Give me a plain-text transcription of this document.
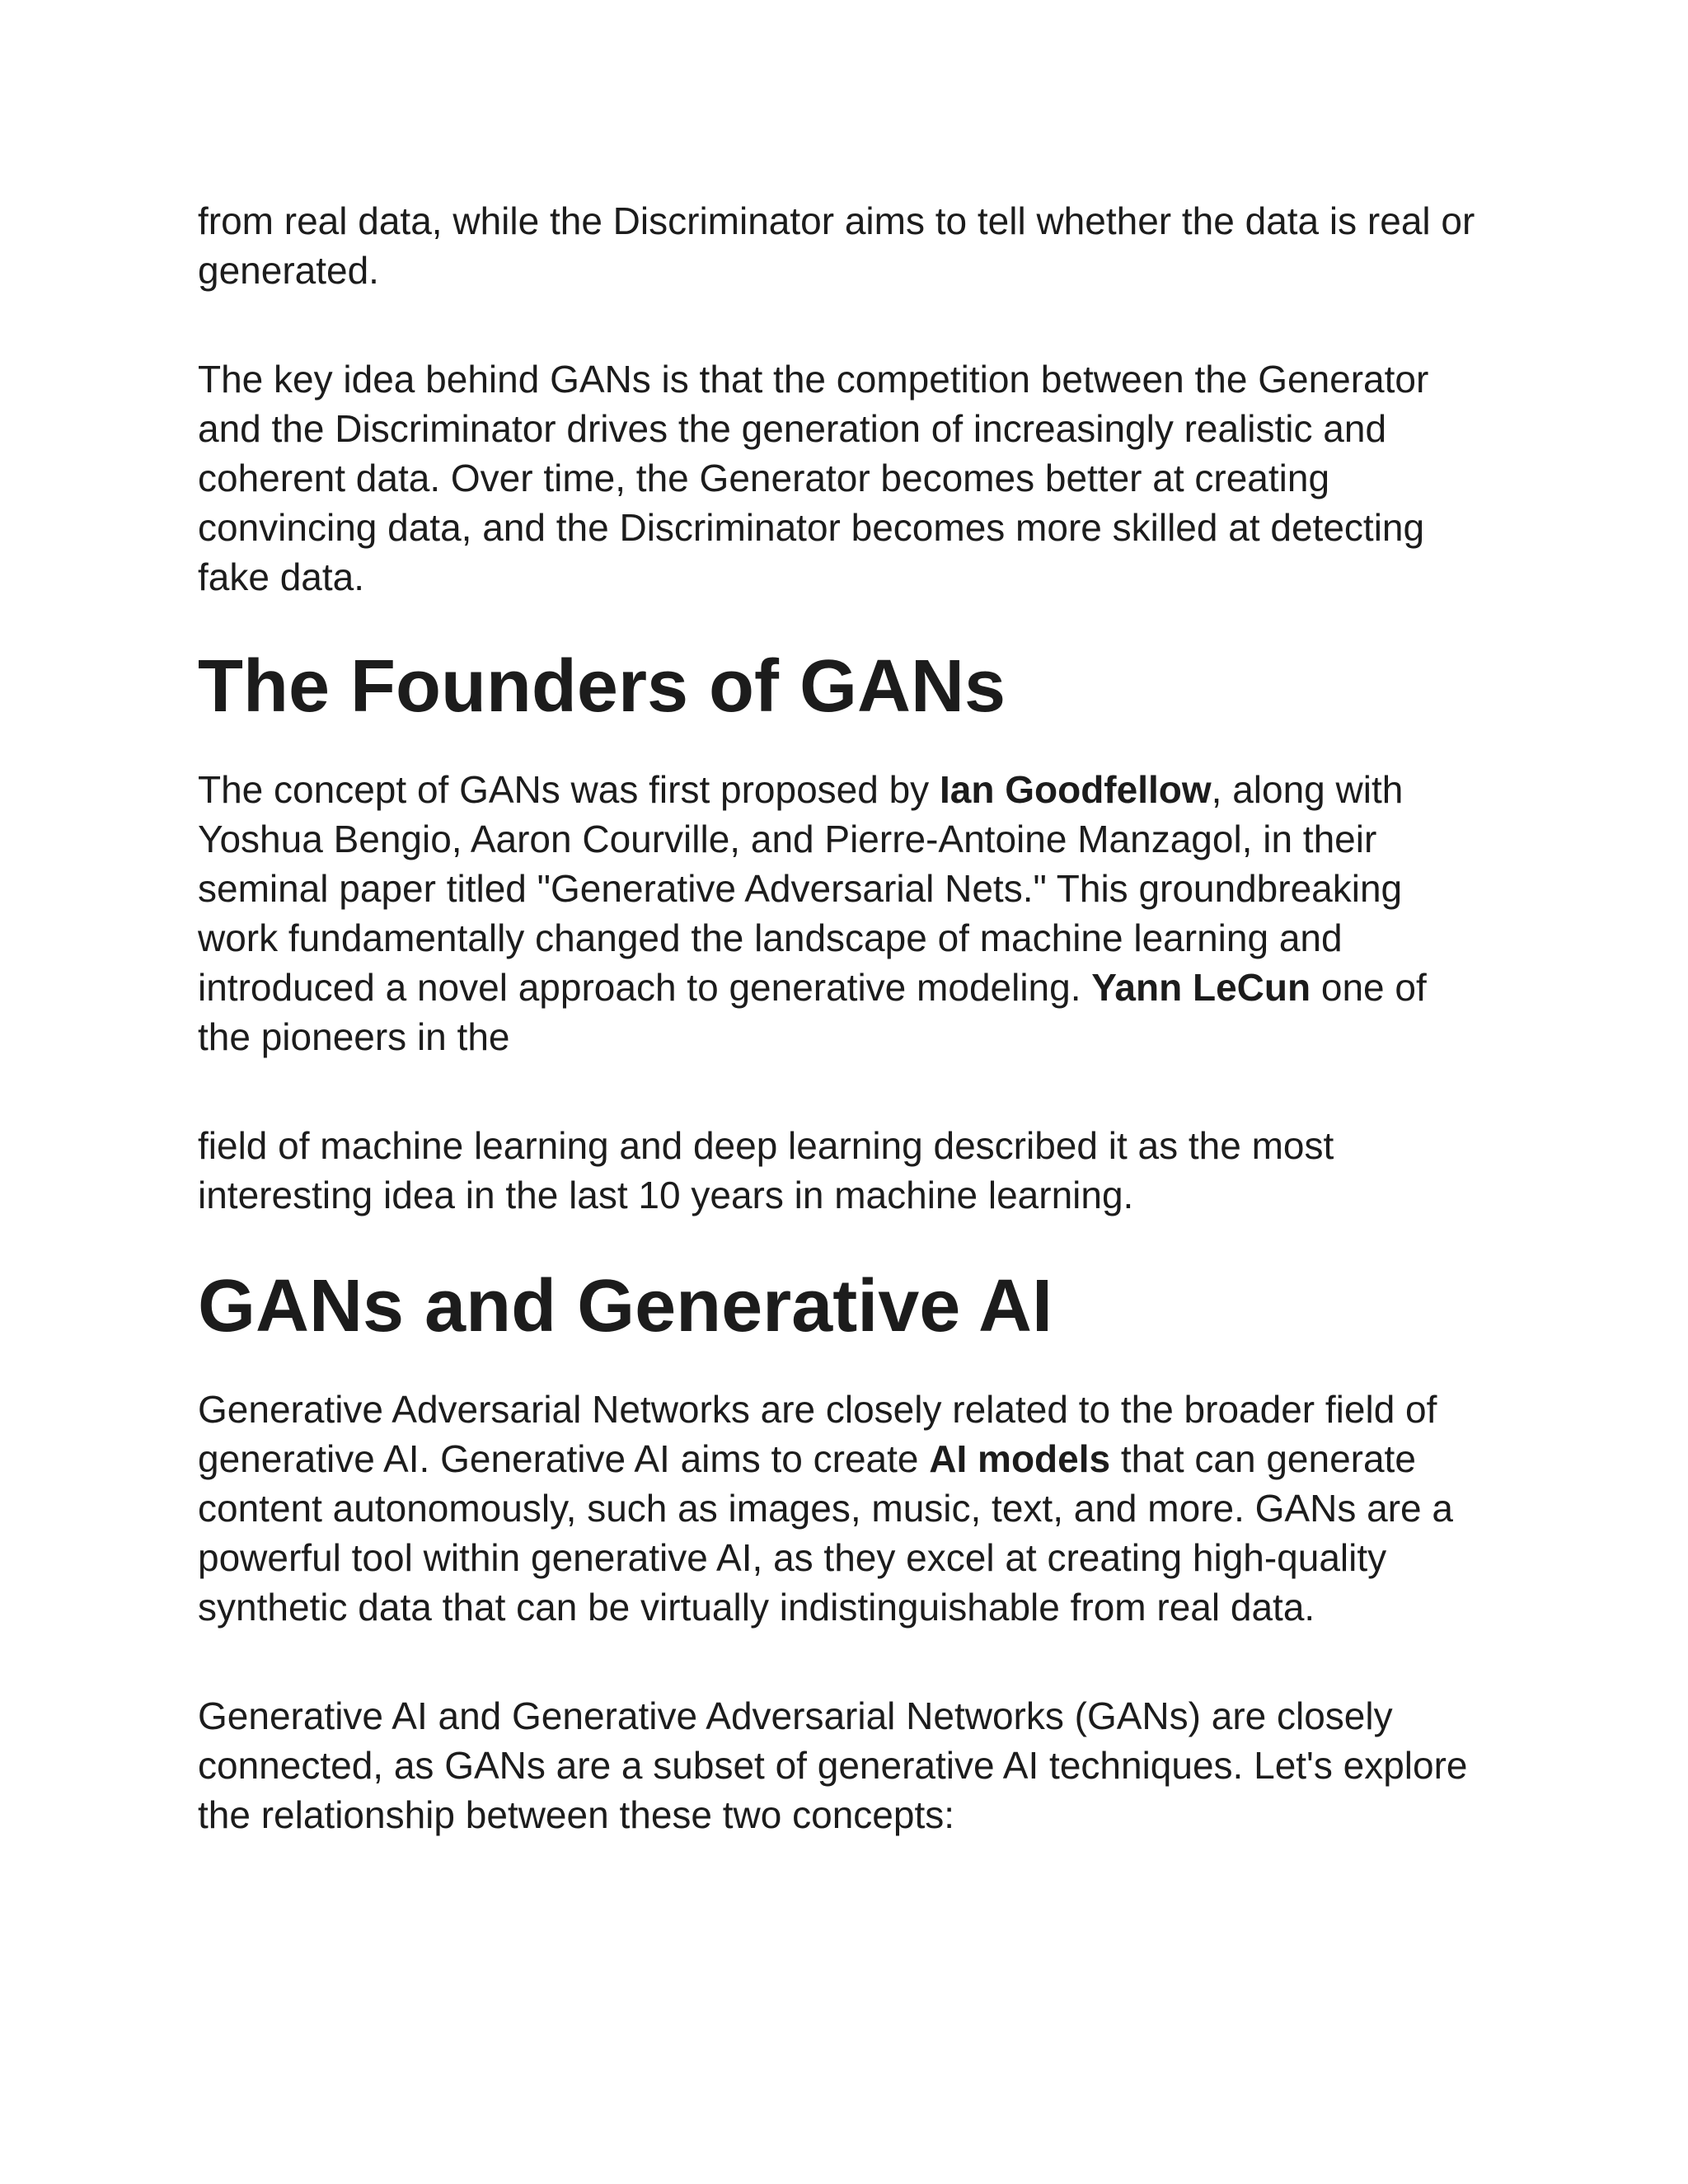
from real data, while the Discriminator aims to tell whether the data is real or generated.

The key idea behind GANs is that the competition between the Generator and the Discriminator drives the generation of increasingly realistic and coherent data. Over time, the Generator becomes better at creating convincing data, and the Discriminator becomes more skilled at detecting fake data.

The Founders of GANs

The concept of GANs was first proposed by Ian Goodfellow, along with Yoshua Bengio, Aaron Courville, and Pierre-Antoine Manzagol, in their seminal paper titled "Generative Adversarial Nets." This groundbreaking work fundamentally changed the landscape of machine learning and introduced a novel approach to generative modeling. Yann LeCun one of the pioneers in the

field of machine learning and deep learning described it as the most interesting idea in the last 10 years in machine learning.

GANs and Generative AI

Generative Adversarial Networks are closely related to the broader field of generative AI. Generative AI aims to create AI models that can generate content autonomously, such as images, music, text, and more. GANs are a powerful tool within generative AI, as they excel at creating high-quality synthetic data that can be virtually indistinguishable from real data.

Generative AI and Generative Adversarial Networks (GANs) are closely connected, as GANs are a subset of generative AI techniques. Let's explore the relationship between these two concepts:
